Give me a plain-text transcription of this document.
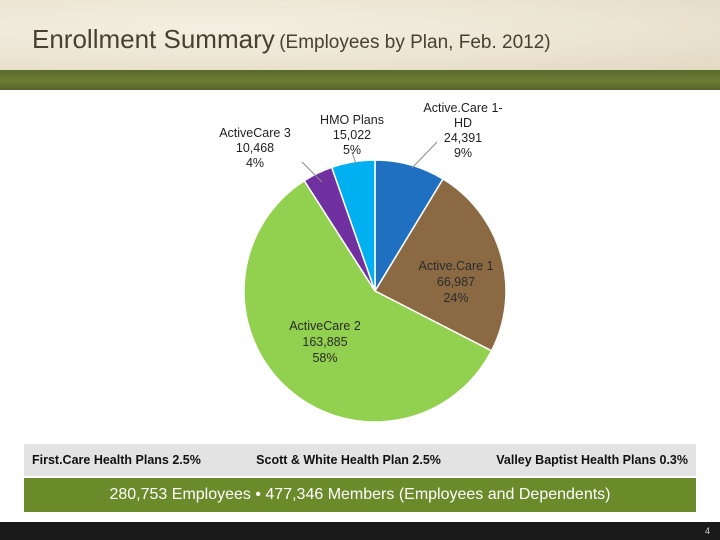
Enrollment Summary (Employees by Plan, Feb. 2012)
Active.Care 1-
HD
24,391
9%
HMO Plans
15,022
5%
ActiveCare 3
10,468
4%
Active.Care 1
66,987
24%
ActiveCare 2
163,885
58%
First.Care Health Plans 2.5%	Scott & White Health Plan 2.5%	Valley Baptist Health Plans 0.3%
280,753 Employees • 477,346 Members (Employees and Dependents)
4
